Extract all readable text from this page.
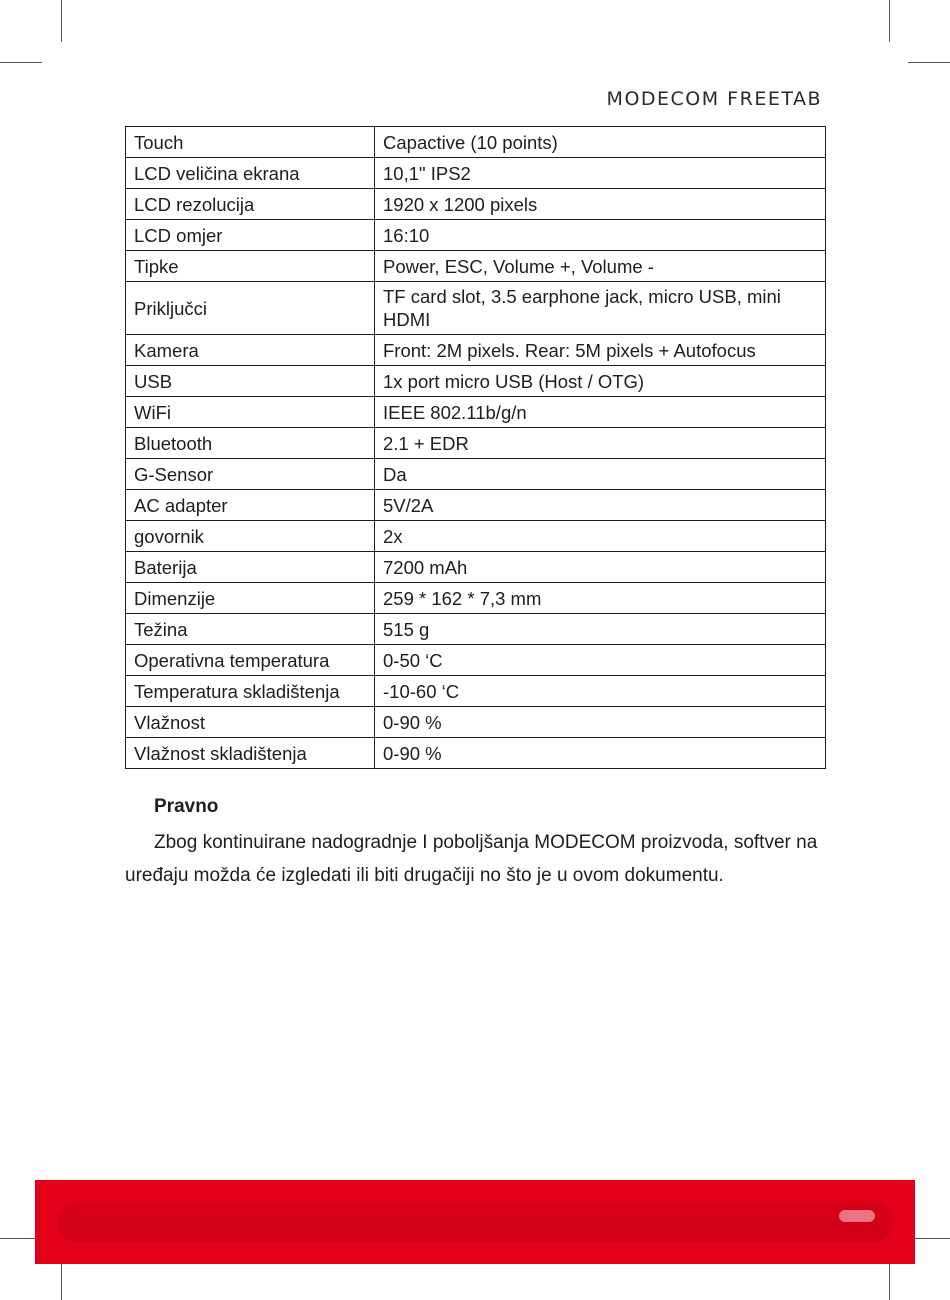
MODECOM FREETAB
Touch	Capactive (10 points)
LCD veličina ekrana	10,1" IPS2
LCD rezolucija	1920 x 1200 pixels
LCD omjer	16:10
Tipke	Power, ESC, Volume +, Volume -
Priključci	TF card slot, 3.5 earphone jack, micro USB, mini HDMI
Kamera	Front: 2M pixels. Rear: 5M pixels + Autofocus
USB	1x port micro USB (Host / OTG)
WiFi	IEEE 802.11b/g/n
Bluetooth	2.1 + EDR
G-Sensor	Da
AC adapter	5V/2A
govornik	2x
Baterija	7200 mAh
Dimenzije	259 * 162 * 7,3 mm
Težina	515 g
Operativna temperatura	0-50 ‘C
Temperatura skladištenja	-10-60 ‘C
Vlažnost	0-90 %
Vlažnost skladištenja	0-90 %
Pravno

Zbog kontinuirane nadogradnje I poboljšanja MODECOM proizvoda, softver na uređaju možda će izgledati ili biti drugačiji no što je u ovom dokumentu.
